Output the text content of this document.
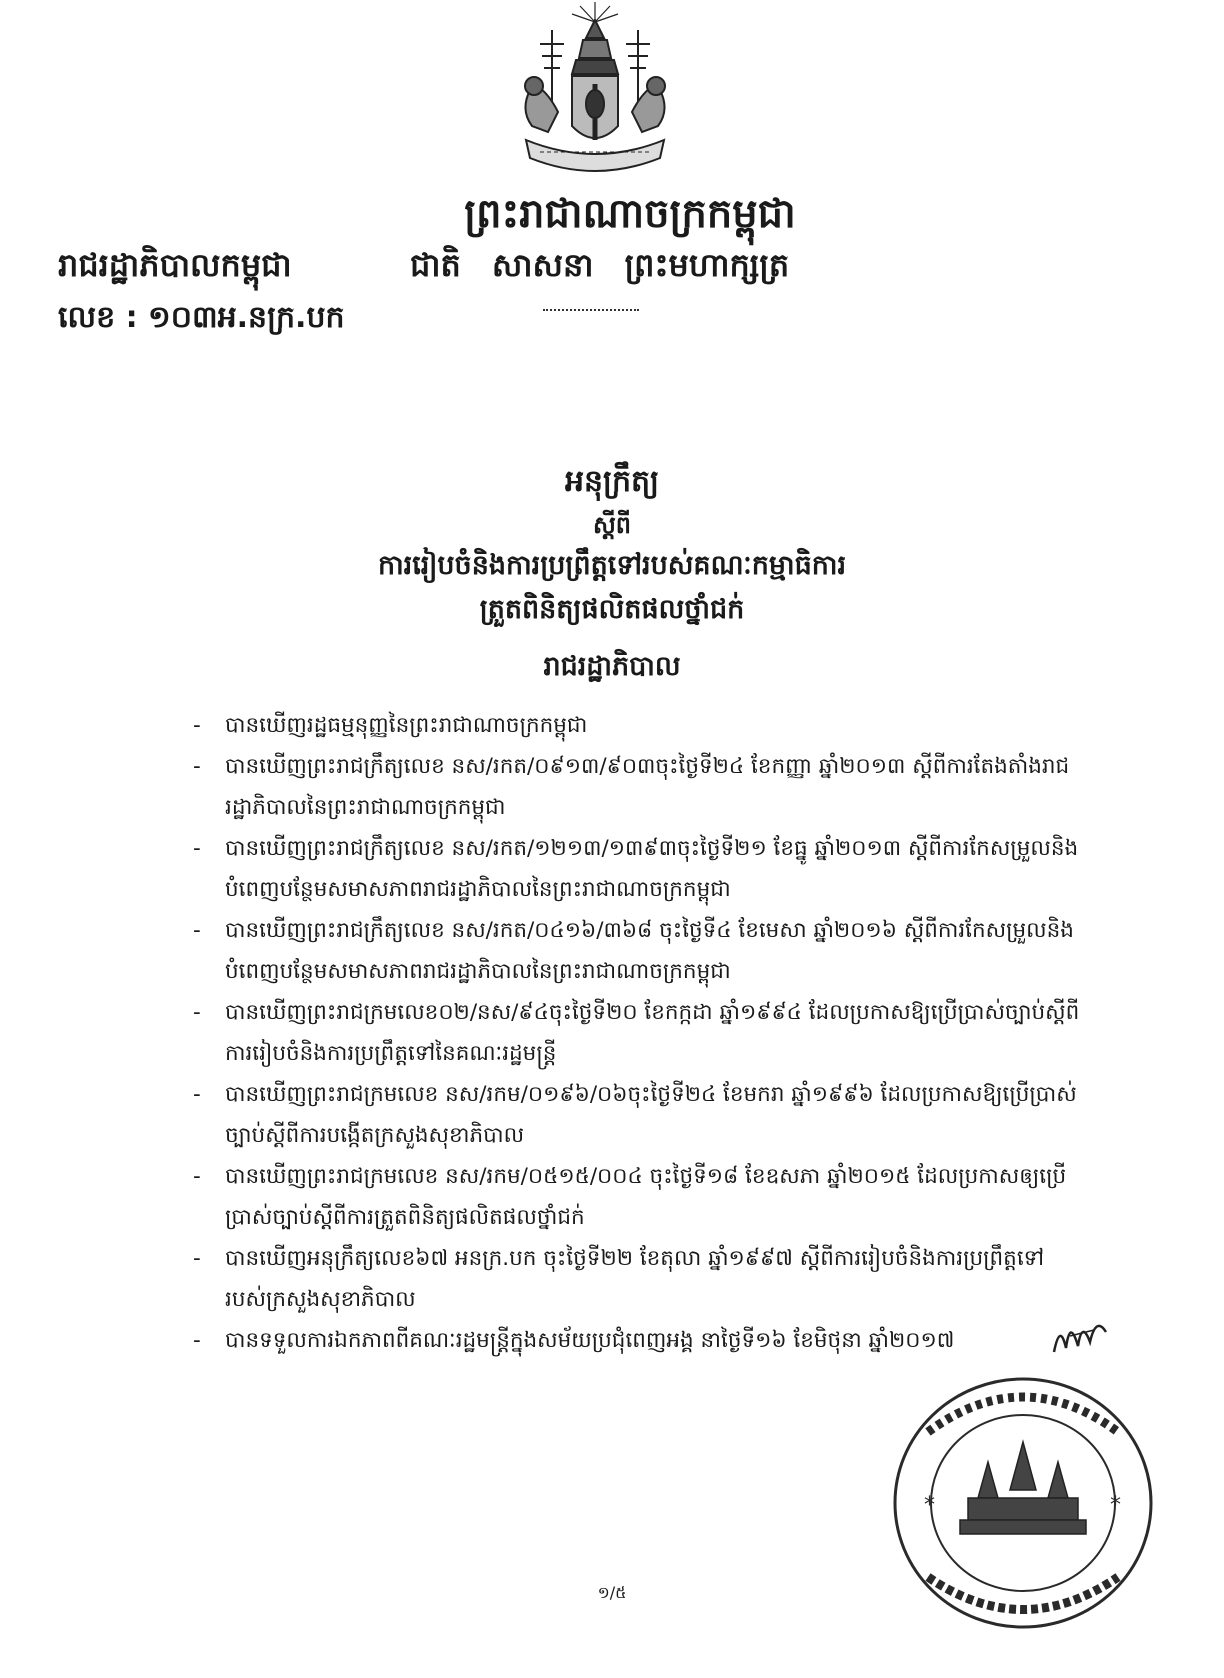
ព្រះរាជាណាចក្រកម្ពុជា
រាជរដ្ឋាភិបាលកម្ពុជា	ជាតិ សាសនា ព្រះមហាក្សត្រ
លេខ : ១០៣អ.នក្រ.បក
អនុក្រឹត្យ
ស្តីពី
ការរៀបចំនិងការប្រព្រឹត្តទៅរបស់គណៈកម្មាធិការ
ត្រួតពិនិត្យផលិតផលថ្នាំជក់
រាជរដ្ឋាភិបាល
- បានឃើញរដ្ឋធម្មនុញ្ញនៃព្រះរាជាណាចក្រកម្ពុជា
- បានឃើញព្រះរាជក្រឹត្យលេខ នស/រកត/០៩១៣/៩០៣ចុះថ្ងៃទី២៤ ខែកញ្ញា ឆ្នាំ២០១៣ ស្តីពីការតែងតាំងរាជរដ្ឋាភិបាលនៃព្រះរាជាណាចក្រកម្ពុជា
- បានឃើញព្រះរាជក្រឹត្យលេខ នស/រកត/១២១៣/១៣៩៣ចុះថ្ងៃទី២១ ខែធ្នូ ឆ្នាំ២០១៣ ស្តីពីការកែសម្រួលនិងបំពេញបន្ថែមសមាសភាពរាជរដ្ឋាភិបាលនៃព្រះរាជាណាចក្រកម្ពុជា
- បានឃើញព្រះរាជក្រឹត្យលេខ នស/រកត/០៤១៦/៣៦៨ ចុះថ្ងៃទី៤ ខែមេសា ឆ្នាំ២០១៦ ស្តីពីការកែសម្រួលនិងបំពេញបន្ថែមសមាសភាពរាជរដ្ឋាភិបាលនៃព្រះរាជាណាចក្រកម្ពុជា
- បានឃើញព្រះរាជក្រមលេខ០២/នស/៩៤ចុះថ្ងៃទី២០ ខែកក្កដា ឆ្នាំ១៩៩៤ ដែលប្រកាសឱ្យប្រើប្រាស់ច្បាប់ស្តីពីការរៀបចំនិងការប្រព្រឹត្តទៅនៃគណៈរដ្ឋមន្ត្រី
- បានឃើញព្រះរាជក្រមលេខ នស/រកម/០១៩៦/០៦ចុះថ្ងៃទី២៤ ខែមករា ឆ្នាំ១៩៩៦ ដែលប្រកាសឱ្យប្រើប្រាស់ច្បាប់ស្តីពីការបង្កើតក្រសួងសុខាភិបាល
- បានឃើញព្រះរាជក្រមលេខ នស/រកម/០៥១៥/០០៤ ចុះថ្ងៃទី១៨ ខែឧសភា ឆ្នាំ២០១៥ ដែលប្រកាសឲ្យប្រើប្រាស់ច្បាប់ស្តីពីការត្រួតពិនិត្យផលិតផលថ្នាំជក់
- បានឃើញអនុក្រឹត្យលេខ៦៧ អនក្រ.បក ចុះថ្ងៃទី២២ ខែតុលា ឆ្នាំ១៩៩៧ ស្តីពីការរៀបចំនិងការប្រព្រឹត្តទៅរបស់ក្រសួងសុខាភិបាល
- បានទទួលការឯកភាពពីគណៈរដ្ឋមន្ត្រីក្នុងសម័យប្រជុំពេញអង្គ នាថ្ងៃទី១៦ ខែមិថុនា ឆ្នាំ២០១៧
*	*
១/៥
